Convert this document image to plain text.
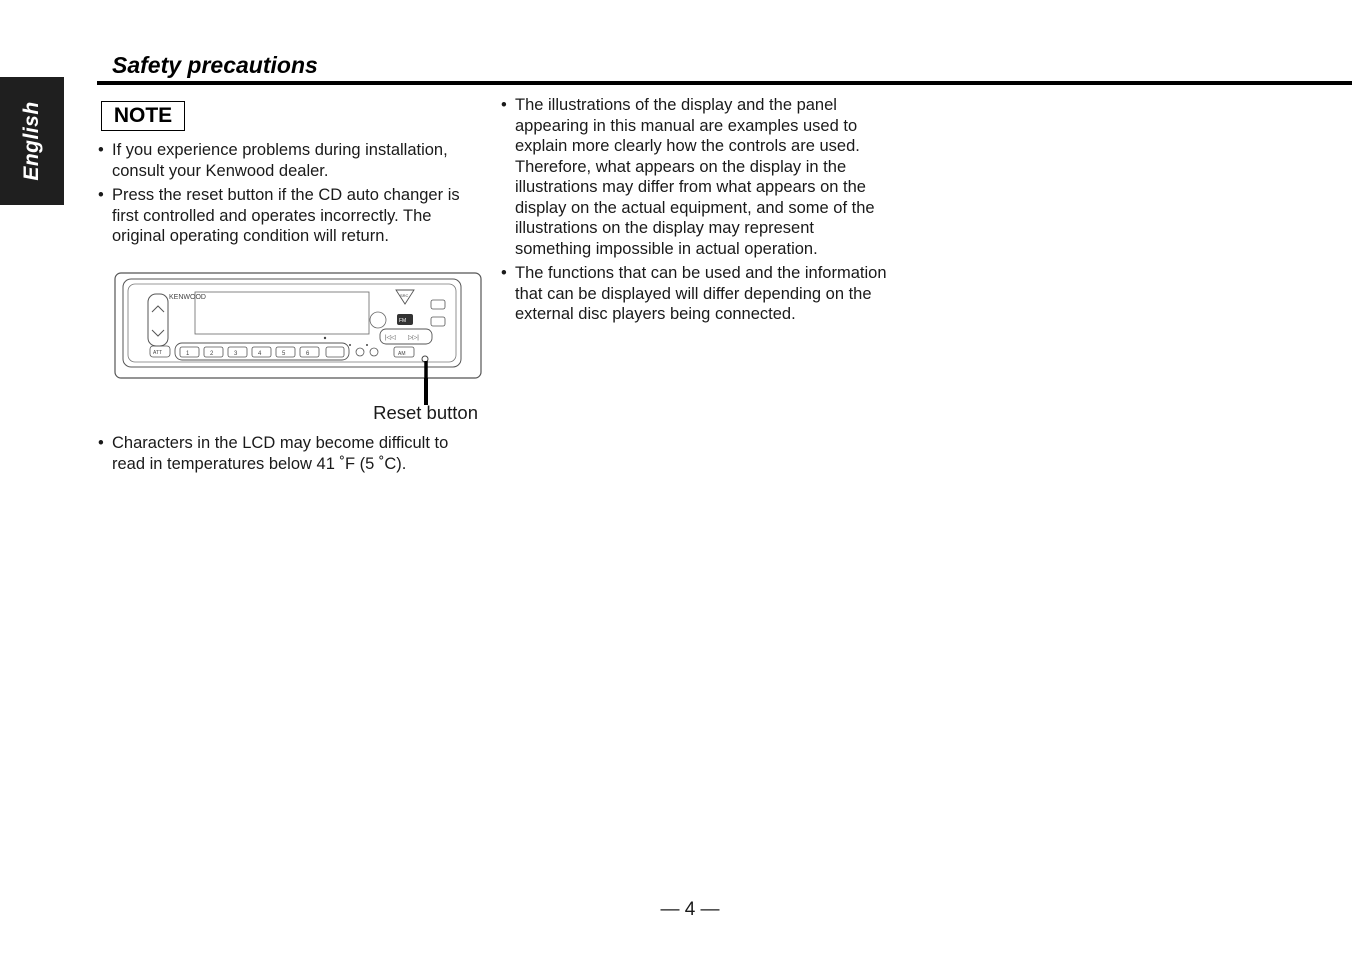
English
Safety precautions
NOTE
• If you experience problems during installation, consult your Kenwood dealer.
• Press the reset button if the CD auto changer is first controlled and operates incorrectly. The original operating condition will return.
KENWOOD	SRC
FM
|◁◁ ▷▷|
AM
ATT	1	2	3	4	5	6
Reset button
• Characters in the LCD may become difficult to read in temperatures below 41 ˚F (5 ˚C).
• The illustrations of the display and the panel appearing in this manual are examples used to explain more clearly how the controls are used. Therefore, what appears on the display in the illustrations may differ from what appears on the display on the actual equipment, and some of the illustrations on the display may represent something impossible in actual operation.
• The functions that can be used and the information that can be displayed will differ depending on the external disc players being connected.
— 4 —
